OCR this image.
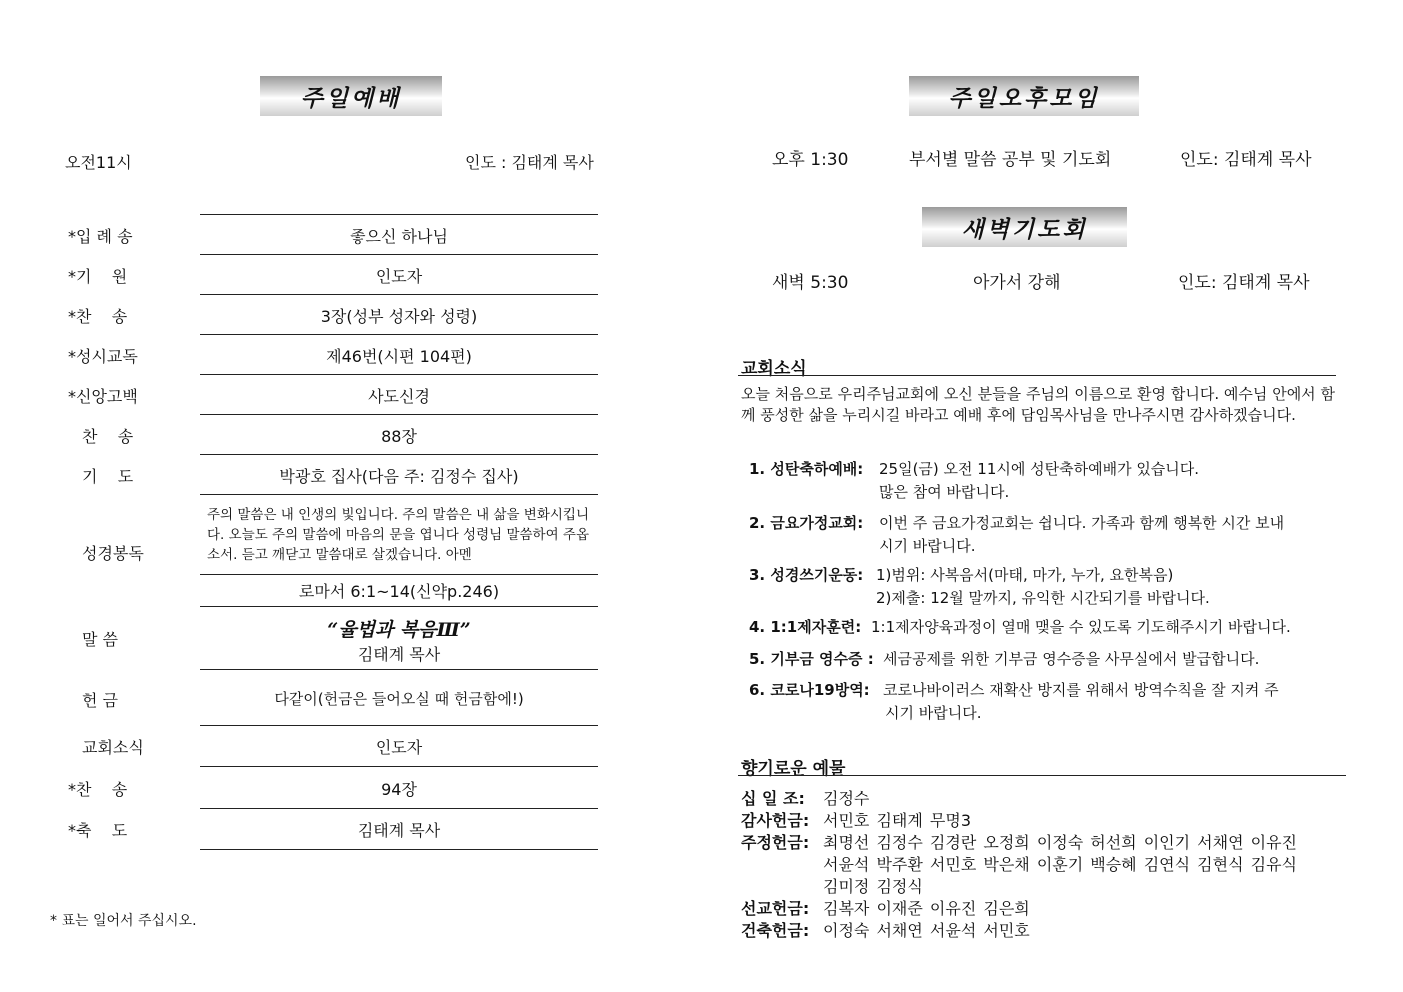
주일예배
오전11시	인도 : 김태계 목사
*입 례 송	좋으신 하나님
*기    원	인도자
*찬    송	3장(성부 성자와 성령)
*성시교독	제46번(시편 104편)
*신앙고백	사도신경
찬    송	88장
기    도	박광호 집사(다음 주: 김정수 집사)
성경봉독
주의 말씀은 내 인생의 빛입니다. 주의 말씀은 내 삶을 변화시킵니다. 오늘도 주의 말씀에 마음의 문을 엽니다 성령님 말씀하여 주옵소서. 듣고 깨닫고 말씀대로 살겠습니다. 아멘
로마서 6:1~14(신약p.246)
말 씀	“율법과 복음Ⅲ”
김태계 목사
헌 금	다같이(헌금은 들어오실 때 헌금함에!)
교회소식	인도자
*찬    송	94장
*축    도	김태계 목사
* 표는 일어서 주십시오.
주일오후모임
오후 1:30	부서별 말씀 공부 및 기도회	인도: 김태계 목사
새벽기도회
새벽 5:30	아가서 강해	인도: 김태계 목사
교회소식
오늘 처음으로 우리주님교회에 오신 분들을 주님의 이름으로 환영 합니다. 예수님 안에서 함께 풍성한 삶을 누리시길 바라고 예배 후에 담임목사님을 만나주시면 감사하겠습니다.
1. 성탄축하예배: 25일(금) 오전 11시에 성탄축하예배가 있습니다.
많은 참여 바랍니다.
2. 금요가정교회: 이번 주 금요가정교회는 쉽니다. 가족과 함께 행복한 시간 보내
시기 바랍니다.
3. 성경쓰기운동: 1)범위: 사복음서(마태, 마가, 누가, 요한복음)
2)제출: 12월 말까지, 유익한 시간되기를 바랍니다.
4. 1:1제자훈련: 1:1제자양육과정이 열매 맺을 수 있도록 기도해주시기 바랍니다.
5. 기부금 영수증 : 세금공제를 위한 기부금 영수증을 사무실에서 발급합니다.
6. 코로나19방역: 코로나바이러스 재확산 방지를 위해서 방역수칙을 잘 지켜 주
시기 바랍니다.
향기로운 예물
십 일 조: 김정수
감사헌금: 서민호 김태계 무명3
주정헌금: 최명선 김정수 김경란 오정희 이정숙 허선희 이인기 서채연 이유진
서윤석 박주환 서민호 박은채 이훈기 백승혜 김연식 김현식 김유식
김미정 김정식
선교헌금: 김복자 이재준 이유진 김은희
건축헌금: 이정숙 서채연 서윤석 서민호
